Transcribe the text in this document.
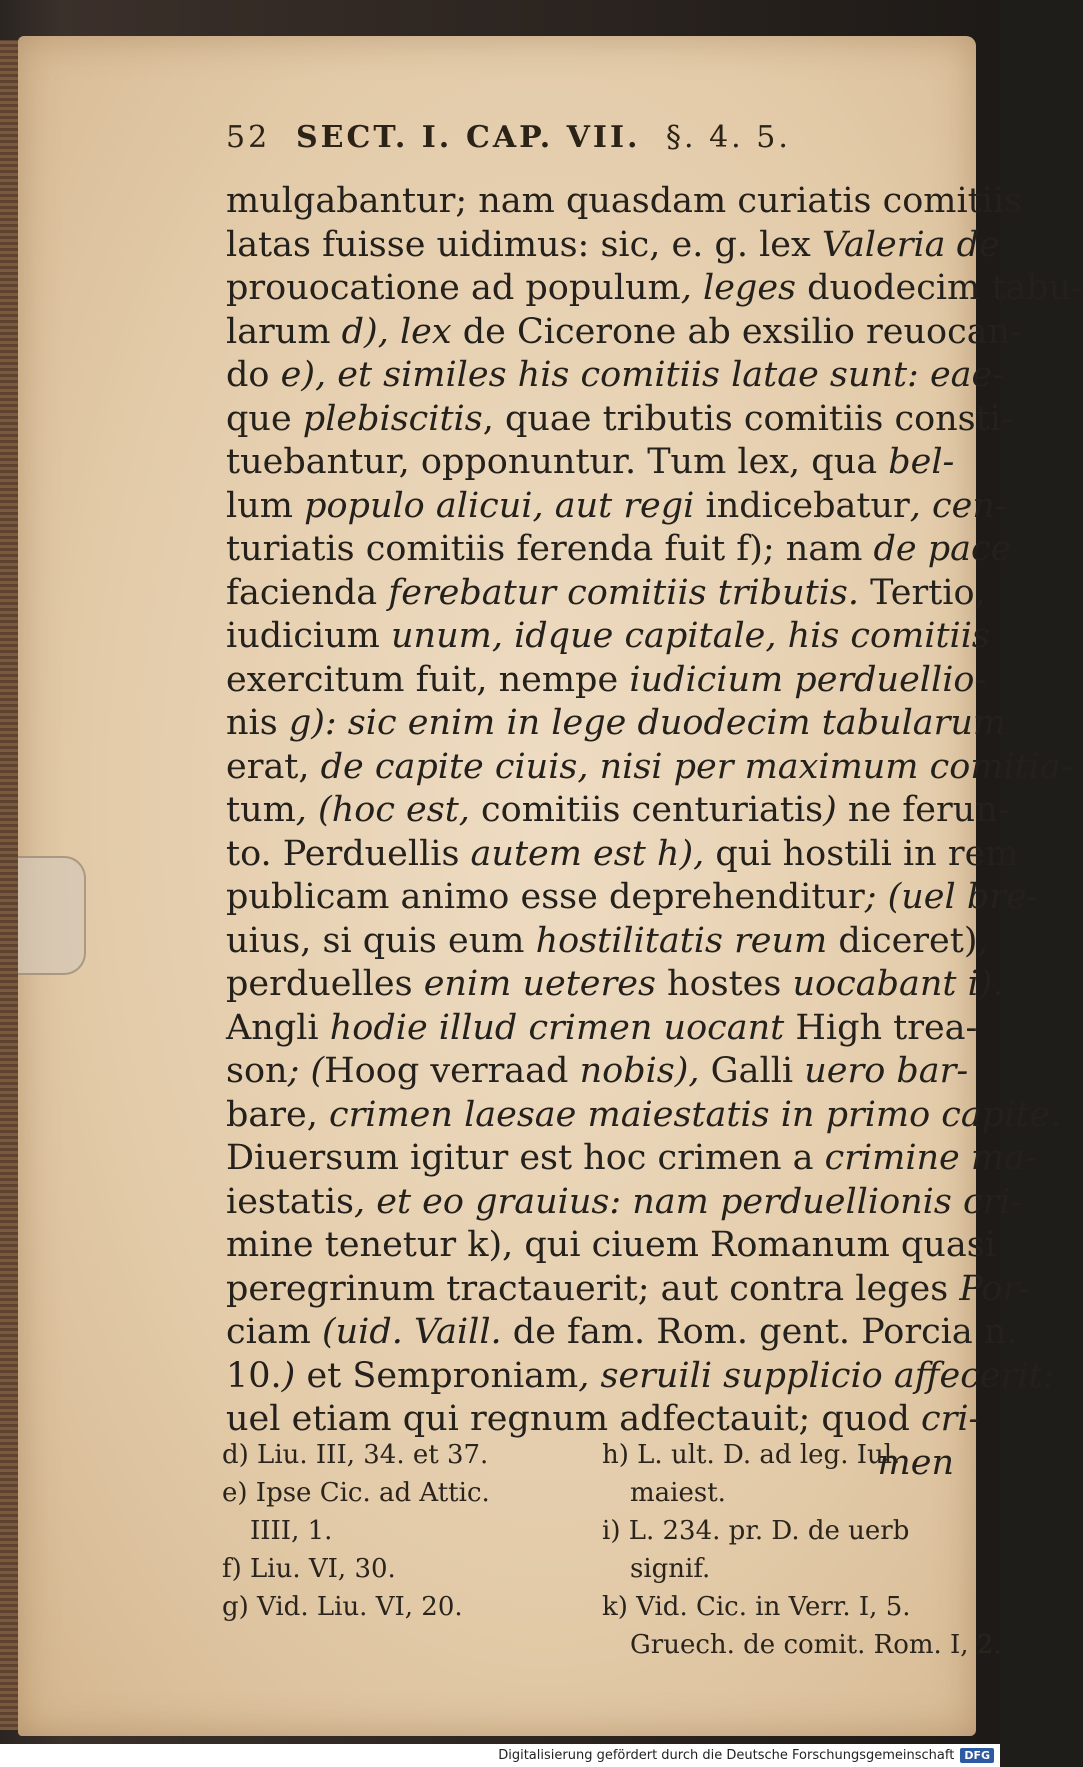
52 SECT. I. CAP. VII. §. 4. 5.
mulgabantur; nam quasdam curiatis comitiis
latas fuisse uidimus: sic, e. g. lex Valeria de
prouocatione ad populum, leges duodecim tabu-
larum d), lex de Cicerone ab exsilio reuocan-
do e), et similes his comitiis latae sunt: eae-
que plebiscitis, quae tributis comitiis consti-
tuebantur, opponuntur. Tum lex, qua bel-
lum populo alicui, aut regi indicebatur, cen-
turiatis comitiis ferenda fuit f); nam de pace
facienda ferebatur comitiis tributis. Tertio,
iudicium unum, idque capitale, his comitiis
exercitum fuit, nempe iudicium perduellio-
nis g): sic enim in lege duodecim tabularum
erat, de capite ciuis, nisi per maximum comitia-
tum, (hoc est, comitiis centuriatis) ne ferun-
to. Perduellis autem est h), qui hostili in rem
publicam animo esse deprehenditur; (uel bre-
uius, si quis eum hostilitatis reum diceret),
perduelles enim ueteres hostes uocabant i).
Angli hodie illud crimen uocant High trea-
son; (Hoog verraad nobis), Galli uero bar-
bare, crimen laesae maiestatis in primo capite.
Diuersum igitur est hoc crimen a crimine ma-
iestatis, et eo grauius: nam perduellionis cri-
mine tenetur k), qui ciuem Romanum quasi
peregrinum tractauerit; aut contra leges Por-
ciam (uid. Vaill. de fam. Rom. gent. Porcia n.
10.) et Semproniam, seruili supplicio affecerit:
uel etiam qui regnum adfectauit; quod cri-
men
d) Liu. III, 34. et 37.
e) Ipse Cic. ad Attic.
IIII, 1.
f) Liu. VI, 30.
g) Vid. Liu. VI, 20.
h) L. ult. D. ad leg. Iul.
maiest.
i) L. 234. pr. D. de uerb
signif.
k) Vid. Cic. in Verr. I, 5.
Gruech. de comit. Rom. I, 2.
Digitalisierung gefördert durch die Deutsche Forschungsgemeinschaft DFG
